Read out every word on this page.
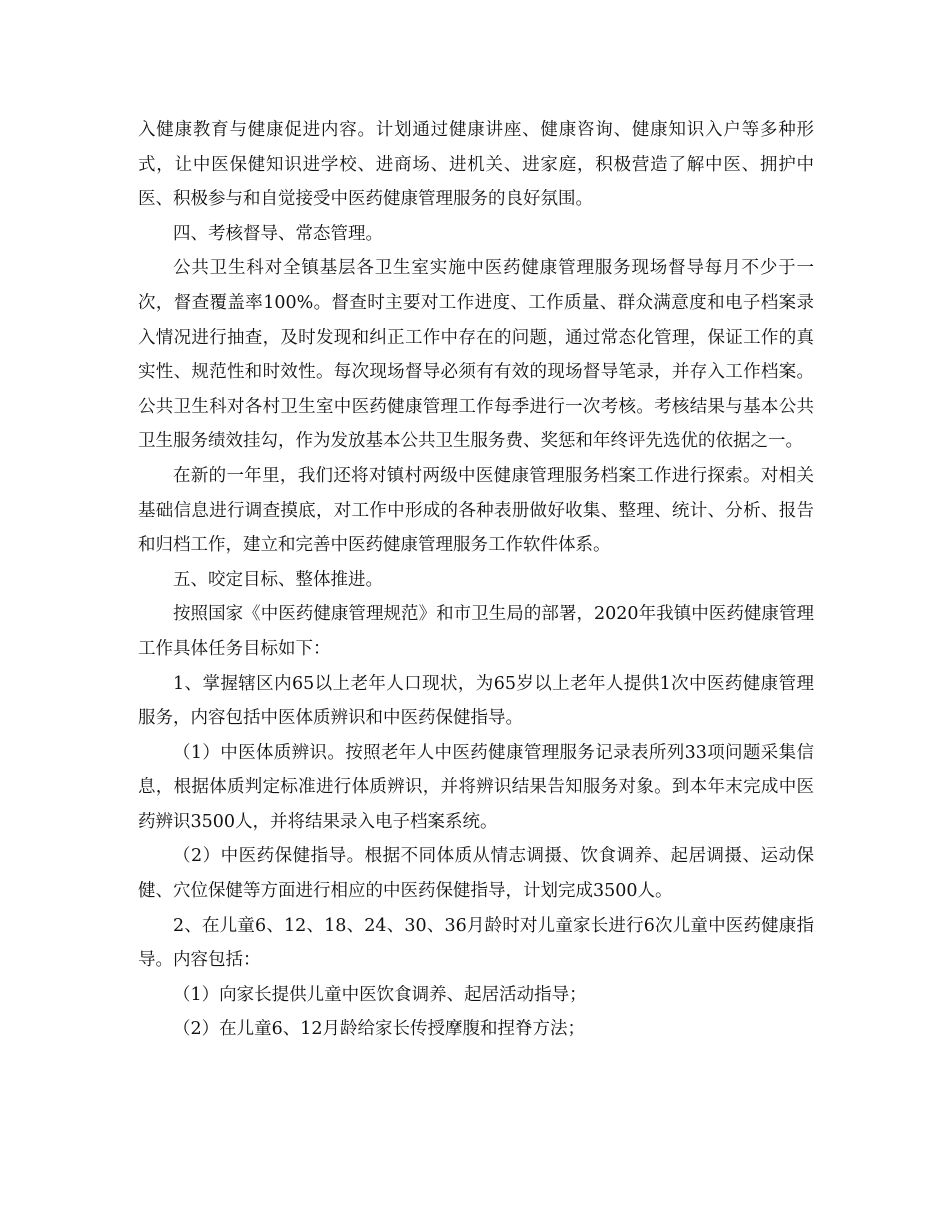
入健康教育与健康促进内容。计划通过健康讲座、健康咨询、健康知识入户等多种形式，让中医保健知识进学校、进商场、进机关、进家庭，积极营造了解中医、拥护中医、积极参与和自觉接受中医药健康管理服务的良好氛围。

四、考核督导、常态管理。

公共卫生科对全镇基层各卫生室实施中医药健康管理服务现场督导每月不少于一次，督查覆盖率100%。督查时主要对工作进度、工作质量、群众满意度和电子档案录入情况进行抽查，及时发现和纠正工作中存在的问题，通过常态化管理，保证工作的真实性、规范性和时效性。每次现场督导必须有有效的现场督导笔录，并存入工作档案。公共卫生科对各村卫生室中医药健康管理工作每季进行一次考核。考核结果与基本公共卫生服务绩效挂勾，作为发放基本公共卫生服务费、奖惩和年终评先选优的依据之一。

在新的一年里，我们还将对镇村两级中医健康管理服务档案工作进行探索。对相关基础信息进行调查摸底，对工作中形成的各种表册做好收集、整理、统计、分析、报告和归档工作，建立和完善中医药健康管理服务工作软件体系。

五、咬定目标、整体推进。

按照国家《中医药健康管理规范》和市卫生局的部署，2020年我镇中医药健康管理工作具体任务目标如下：

1、掌握辖区内65以上老年人口现状，为65岁以上老年人提供1次中医药健康管理服务，内容包括中医体质辨识和中医药保健指导。

（1）中医体质辨识。按照老年人中医药健康管理服务记录表所列33项问题采集信息，根据体质判定标准进行体质辨识，并将辨识结果告知服务对象。到本年末完成中医药辨识3500人，并将结果录入电子档案系统。

（2）中医药保健指导。根据不同体质从情志调摄、饮食调养、起居调摄、运动保健、穴位保健等方面进行相应的中医药保健指导，计划完成3500人。

2、在儿童6、12、18、24、30、36月龄时对儿童家长进行6次儿童中医药健康指导。内容包括：

（1）向家长提供儿童中医饮食调养、起居活动指导；

（2）在儿童6、12月龄给家长传授摩腹和捏脊方法；
